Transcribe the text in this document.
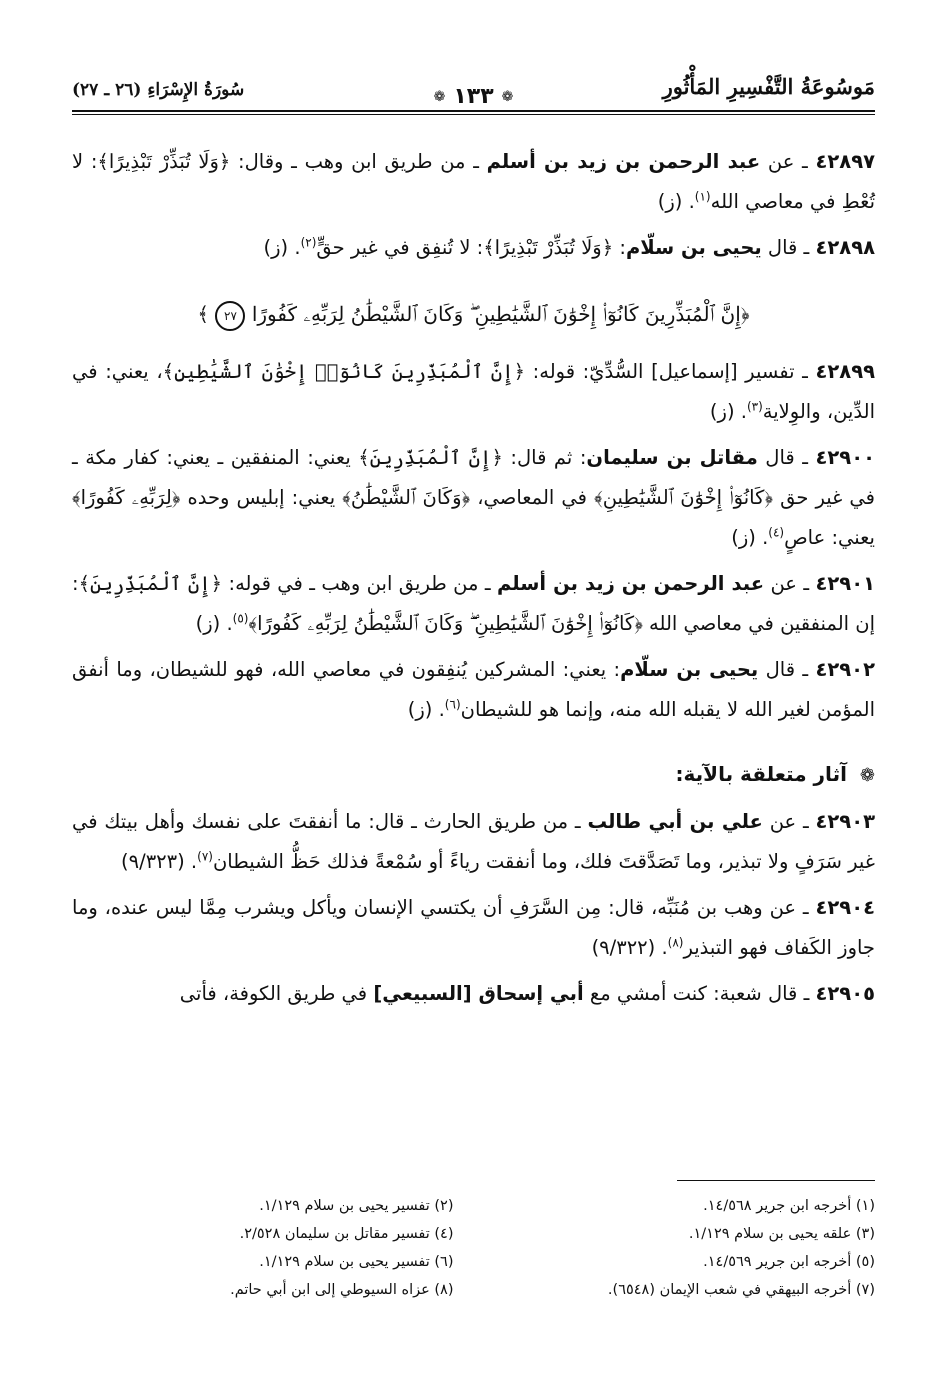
مَوسُوعَةُ التَّفْسِيرِ المَأْثُورِ
❁
١٣٣
❁
سُورَةُ الإِسْرَاءِ (٢٦ ـ ٢٧)

٤٢٨٩٧ ـ عن عبد الرحمن بن زيد بن أسلم ـ من طريق ابن وهب ـ وقال: ﴿وَلَا تُبَذِّرْ تَبْذِيرًا﴾: لا تُعْطِ في معاصي الله$^{(١)}$. (ز)

٤٢٨٩٨ ـ قال يحيى بن سلّام: ﴿وَلَا تُبَذِّرْ تَبْذِيرًا﴾: لا تُنفِق في غير حقٍّ$^{(٢)}$. (ز)

﴿إِنَّ ٱلْمُبَذِّرِينَ كَانُوٓا۟ إِخْوَٰنَ ٱلشَّيَٰطِينِ ۖ وَكَانَ ٱلشَّيْطَٰنُ لِرَبِّهِۦ كَفُورًا ٢٧ ﴾

٤٢٨٩٩ ـ تفسير [إسماعيل] السُّدِّيّ: قوله: ﴿إِنَّ ٱلْمُبَذِّرِينَ كَانُوٓا۟ إِخْوَٰنَ ٱلشَّيَٰطِينِ﴾، يعني: في الدِّين، والوِلاية$^{(٣)}$. (ز)

٤٢٩٠٠ ـ قال مقاتل بن سليمان: ثم قال: ﴿إِنَّ ٱلْمُبَذِّرِينَ﴾ يعني: المنفقين ـ يعني: كفار مكة ـ في غير حق ﴿كَانُوٓا۟ إِخْوَٰنَ ٱلشَّيَٰطِينِ﴾ في المعاصي، ﴿وَكَانَ ٱلشَّيْطَٰنُ﴾ يعني: إبليس وحده ﴿لِرَبِّهِۦ كَفُورًا﴾ يعني: عاصٍ$^{(٤)}$. (ز)

٤٢٩٠١ ـ عن عبد الرحمن بن زيد بن أسلم ـ من طريق ابن وهب ـ في قوله: ﴿إِنَّ ٱلْمُبَذِّرِينَ﴾: إن المنفقين في معاصي الله ﴿كَانُوٓا۟ إِخْوَٰنَ ٱلشَّيَٰطِينِ ۖ وَكَانَ ٱلشَّيْطَٰنُ لِرَبِّهِۦ كَفُورًا﴾$^{(٥)}$. (ز)

٤٢٩٠٢ ـ قال يحيى بن سلّام: يعني: المشركين يُنفِقون في معاصي الله، فهو للشيطان، وما أنفق المؤمن لغير الله لا يقبله الله منه، وإنما هو للشيطان$^{(٦)}$. (ز)

❁ آثار متعلقة بالآية:

٤٢٩٠٣ ـ عن علي بن أبي طالب ـ من طريق الحارث ـ قال: ما أنفقتَ على نفسك وأهل بيتك في غير سَرَفٍ ولا تبذير، وما تَصَدَّقتَ فلك، وما أنفقت رياءً أو سُمْعةً فذلك حَظُّ الشيطان$^{(٧)}$. (٩/٣٢٣)

٤٢٩٠٤ ـ عن وهب بن مُنَبِّه، قال: مِن السَّرَفِ أن يكتسي الإنسان ويأكل ويشرب مِمَّا ليس عنده، وما جاوز الكَفاف فهو التبذير$^{(٨)}$. (٩/٣٢٢)

٤٢٩٠٥ ـ قال شعبة: كنت أمشي مع أبي إسحاق [السبيعي] في طريق الكوفة، فأتى

(١) أخرجه ابن جرير ١٤/٥٦٨.
(٢) تفسير يحيى بن سلام ١/١٢٩.
(٣) علقه يحيى بن سلام ١/١٢٩.
(٤) تفسير مقاتل بن سليمان ٢/٥٢٨.
(٥) أخرجه ابن جرير ١٤/٥٦٩.
(٦) تفسير يحيى بن سلام ١/١٢٩.
(٧) أخرجه البيهقي في شعب الإيمان (٦٥٤٨).
(٨) عزاه السيوطي إلى ابن أبي حاتم.
